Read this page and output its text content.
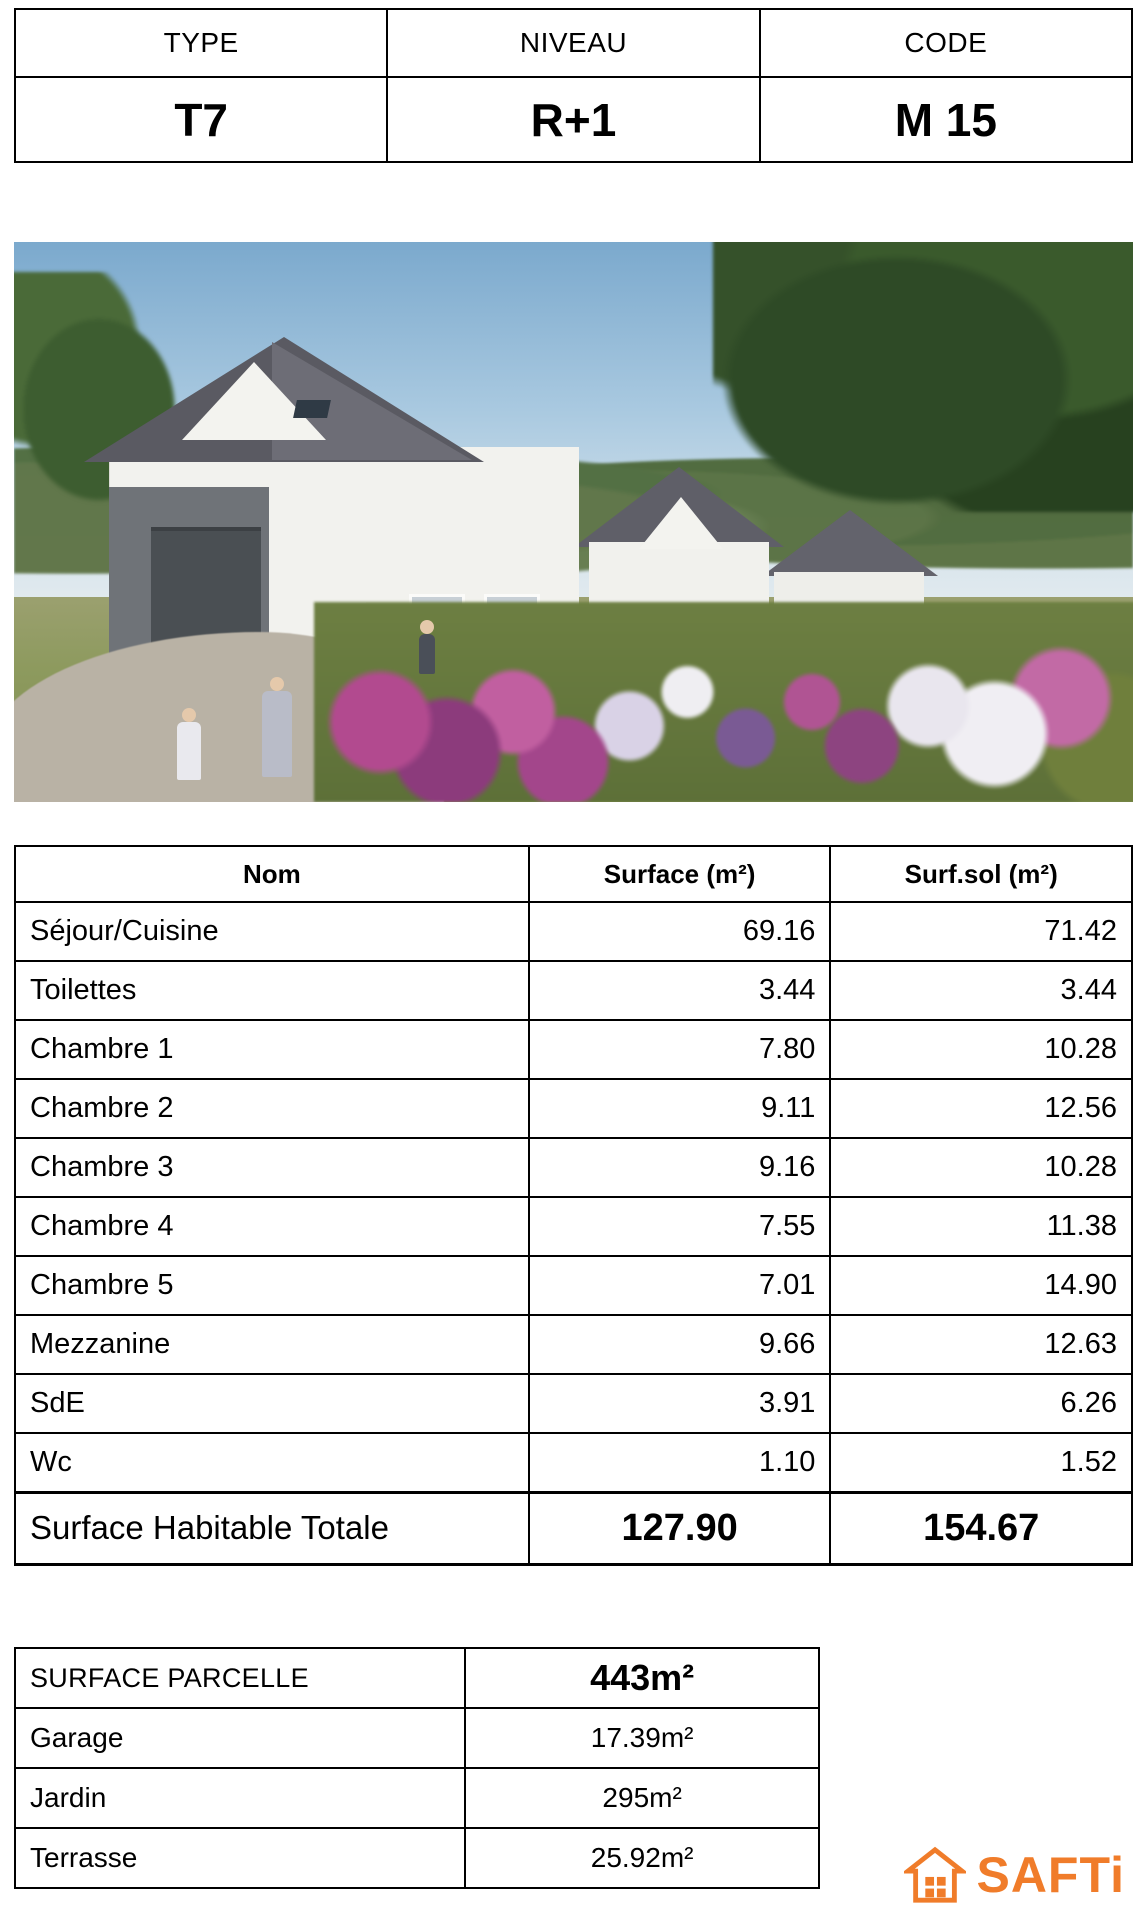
TYPE	NIVEAU	CODE
T7	R+1	M 15
Nom	Surface (m²)	Surf.sol (m²)
Séjour/Cuisine	69.16	71.42
Toilettes	3.44	3.44
Chambre 1	7.80	10.28
Chambre 2	9.11	12.56
Chambre 3	9.16	10.28
Chambre 4	7.55	11.38
Chambre 5	7.01	14.90
Mezzanine	9.66	12.63
SdE	3.91	6.26
Wc	1.10	1.52
Surface Habitable Totale	127.90	154.67
SURFACE PARCELLE	443m²
Garage	17.39m²
Jardin	295m²
Terrasse	25.92m²	SAFTi
